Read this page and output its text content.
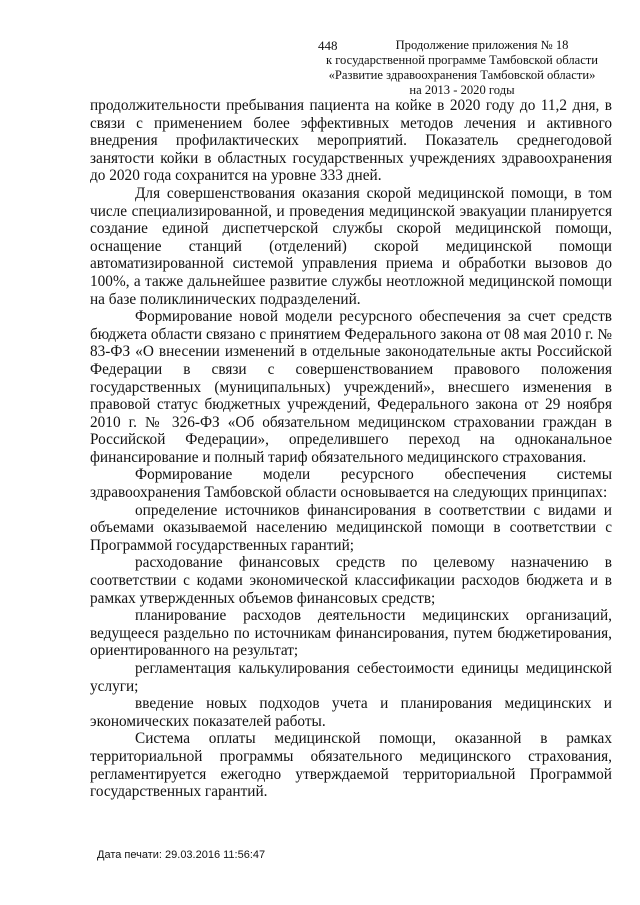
448	Продолжение приложения № 18
к государственной программе Тамбовской области
«Развитие здравоохранения Тамбовской области»
на 2013 - 2020 годы

продолжительности пребывания пациента на койке в 2020 году до 11,2 дня, в связи с применением более эффективных методов лечения и активного внедрения профилактических мероприятий. Показатель среднегодовой занятости койки в областных государственных учреждениях здравоохранения до 2020 года сохранится на уровне 333 дней.

Для совершенствования оказания скорой медицинской помощи, в том числе специализированной, и проведения медицинской эвакуации планируется создание единой диспетчерской службы скорой медицинской помощи, оснащение станций (отделений) скорой медицинской помощи автоматизированной системой управления приема и обработки вызовов до 100%, а также дальнейшее развитие службы неотложной медицинской помощи на базе поликлинических подразделений.

Формирование новой модели ресурсного обеспечения за счет средств бюджета области связано с принятием Федерального закона от 08 мая 2010 г. № 83-ФЗ «О внесении изменений в отдельные законодательные акты Российской Федерации в связи с совершенствованием правового положения государственных (муниципальных) учреждений», внесшего изменения в правовой статус бюджетных учреждений, Федерального закона от 29 ноября 2010 г. № 326-ФЗ «Об обязательном медицинском страховании граждан в Российской Федерации», определившего переход на одноканальное финансирование и полный тариф обязательного медицинского страхования.

Формирование модели ресурсного обеспечения системы здравоохранения Тамбовской области основывается на следующих принципах:

определение источников финансирования в соответствии с видами и объемами оказываемой населению медицинской помощи в соответствии с Программой государственных гарантий;

расходование финансовых средств по целевому назначению в соответствии с кодами экономической классификации расходов бюджета и в рамках утвержденных объемов финансовых средств;

планирование расходов деятельности медицинских организаций, ведущееся раздельно по источникам финансирования, путем бюджетирования, ориентированного на результат;

регламентация калькулирования себестоимости единицы медицинской услуги;

введение новых подходов учета и планирования медицинских и экономических показателей работы.

Система оплаты медицинской помощи, оказанной в рамках территориальной программы обязательного медицинского страхования, регламентируется ежегодно утверждаемой территориальной Программой государственных гарантий.

Дата печати: 29.03.2016 11:56:47
